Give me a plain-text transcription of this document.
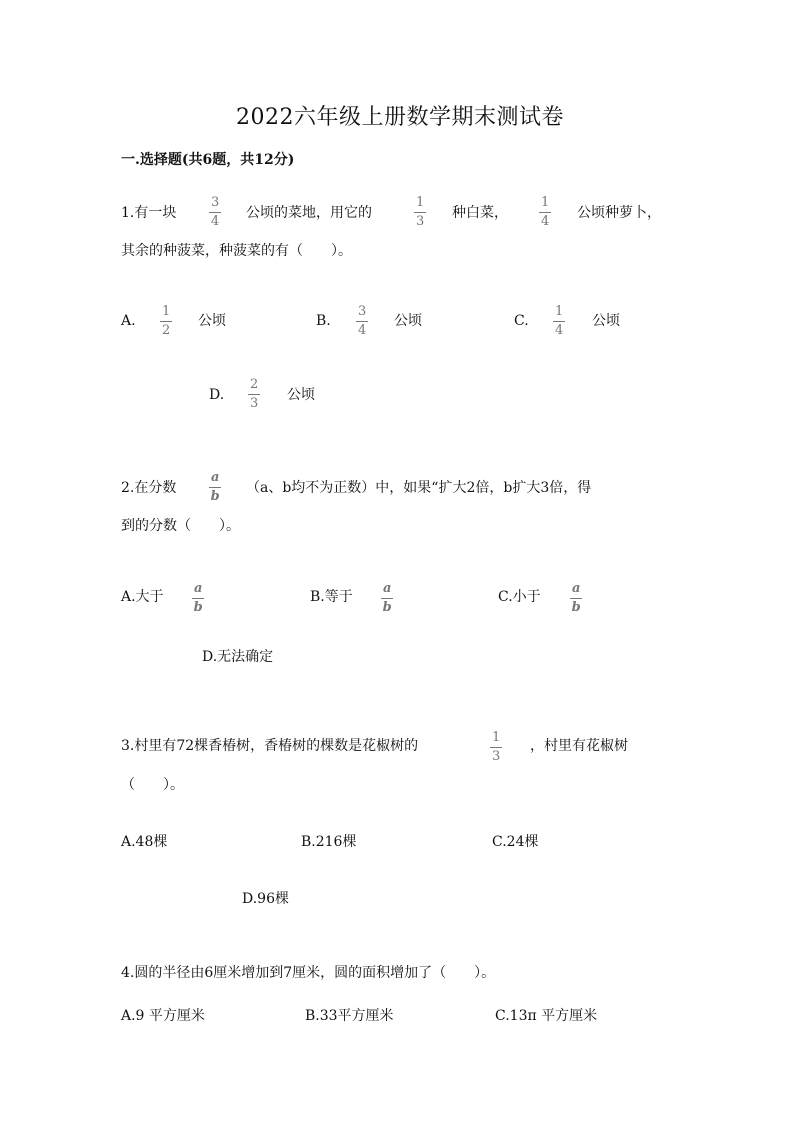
2022六年级上册数学期末测试卷
一.选择题(共6题，共12分)
1.有一块	$\frac{3}{4}$ 公顷的菜地，用它的	$\frac{1}{3}$ 种白菜， $\frac{1}{4}$ 公顷种萝卜，
其余的种菠菜，种菠菜的有（　　）。
A. $\frac{1}{2}$ 公顷	B. $\frac{3}{4}$ 公顷	C. $\frac{1}{4}$ 公顷
D. $\frac{2}{3}$ 公顷
2.在分数	$\frac{a}{b} (a$、b均不为正数）中，如果“扩大2倍，b扩大3倍，得
到的分数（　　）。
A.大于 $\frac{a}{b}$	B.等于 $\frac{a}{b}$	C.小于 $\frac{a}{b}$
D.无法确定
3.村里有72棵香椿树，香椿树的棵数是花椒树的	$\frac{1}{3}$ ，村里有花椒树
（　　）。
A.48棵	B.216棵	C.24棵
D.96棵
4.圆的半径由6厘米增加到7厘米，圆的面积增加了（　　）。
A.9 平方厘米	B.33平方厘米	C.13π 平方厘米
